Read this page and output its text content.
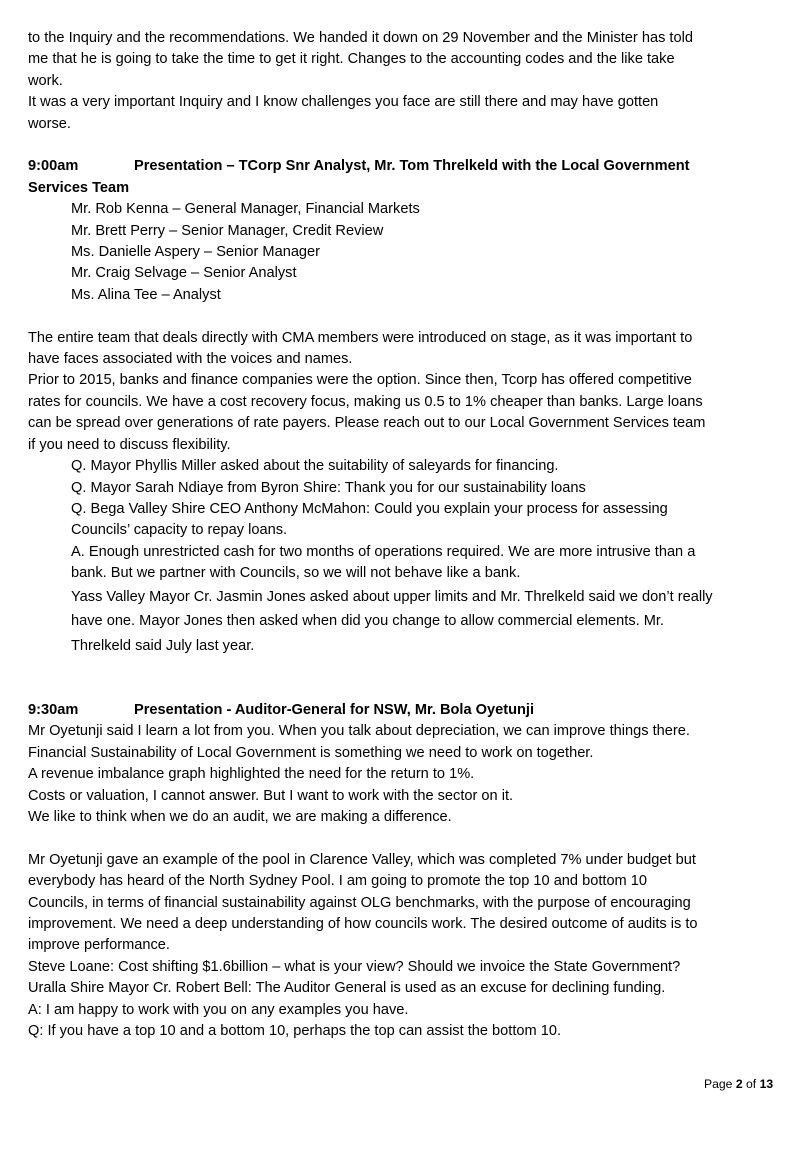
to the Inquiry and the recommendations. We handed it down on 29 November and the Minister has told
me that he is going to take the time to get it right. Changes to the accounting codes and the like take
work.
It was a very important Inquiry and I know challenges you face are still there and may have gotten
worse.
9:00am	Presentation – TCorp Snr Analyst, Mr. Tom Threlkeld with the Local Government
Services Team
Mr. Rob Kenna – General Manager, Financial Markets
Mr. Brett Perry – Senior Manager, Credit Review
Ms. Danielle Aspery – Senior Manager
Mr. Craig Selvage – Senior Analyst
Ms. Alina Tee – Analyst
The entire team that deals directly with CMA members were introduced on stage, as it was important to
have faces associated with the voices and names.
Prior to 2015, banks and finance companies were the option. Since then, Tcorp has offered competitive
rates for councils. We have a cost recovery focus, making us 0.5 to 1% cheaper than banks. Large loans
can be spread over generations of rate payers. Please reach out to our Local Government Services team
if you need to discuss flexibility.
Q. Mayor Phyllis Miller asked about the suitability of saleyards for financing.
Q. Mayor Sarah Ndiaye from Byron Shire: Thank you for our sustainability loans
Q. Bega Valley Shire CEO Anthony McMahon: Could you explain your process for assessing
Councils’ capacity to repay loans.
A. Enough unrestricted cash for two months of operations required. We are more intrusive than a
bank. But we partner with Councils, so we will not behave like a bank.
Yass Valley Mayor Cr. Jasmin Jones asked about upper limits and Mr. Threlkeld said we don’t really
have one. Mayor Jones then asked when did you change to allow commercial elements. Mr.
Threlkeld said July last year.
9:30am	Presentation - Auditor-General for NSW, Mr. Bola Oyetunji
Mr Oyetunji said I learn a lot from you. When you talk about depreciation, we can improve things there.
Financial Sustainability of Local Government is something we need to work on together.
A revenue imbalance graph highlighted the need for the return to 1%.
Costs or valuation, I cannot answer. But I want to work with the sector on it.
We like to think when we do an audit, we are making a difference.
Mr Oyetunji gave an example of the pool in Clarence Valley, which was completed 7% under budget but
everybody has heard of the North Sydney Pool. I am going to promote the top 10 and bottom 10
Councils, in terms of financial sustainability against OLG benchmarks, with the purpose of encouraging
improvement. We need a deep understanding of how councils work. The desired outcome of audits is to
improve performance.
Steve Loane: Cost shifting $1.6billion – what is your view? Should we invoice the State Government?
Uralla Shire Mayor Cr. Robert Bell: The Auditor General is used as an excuse for declining funding.
A: I am happy to work with you on any examples you have.
Q: If you have a top 10 and a bottom 10, perhaps the top can assist the bottom 10.
Page 2 of 13
